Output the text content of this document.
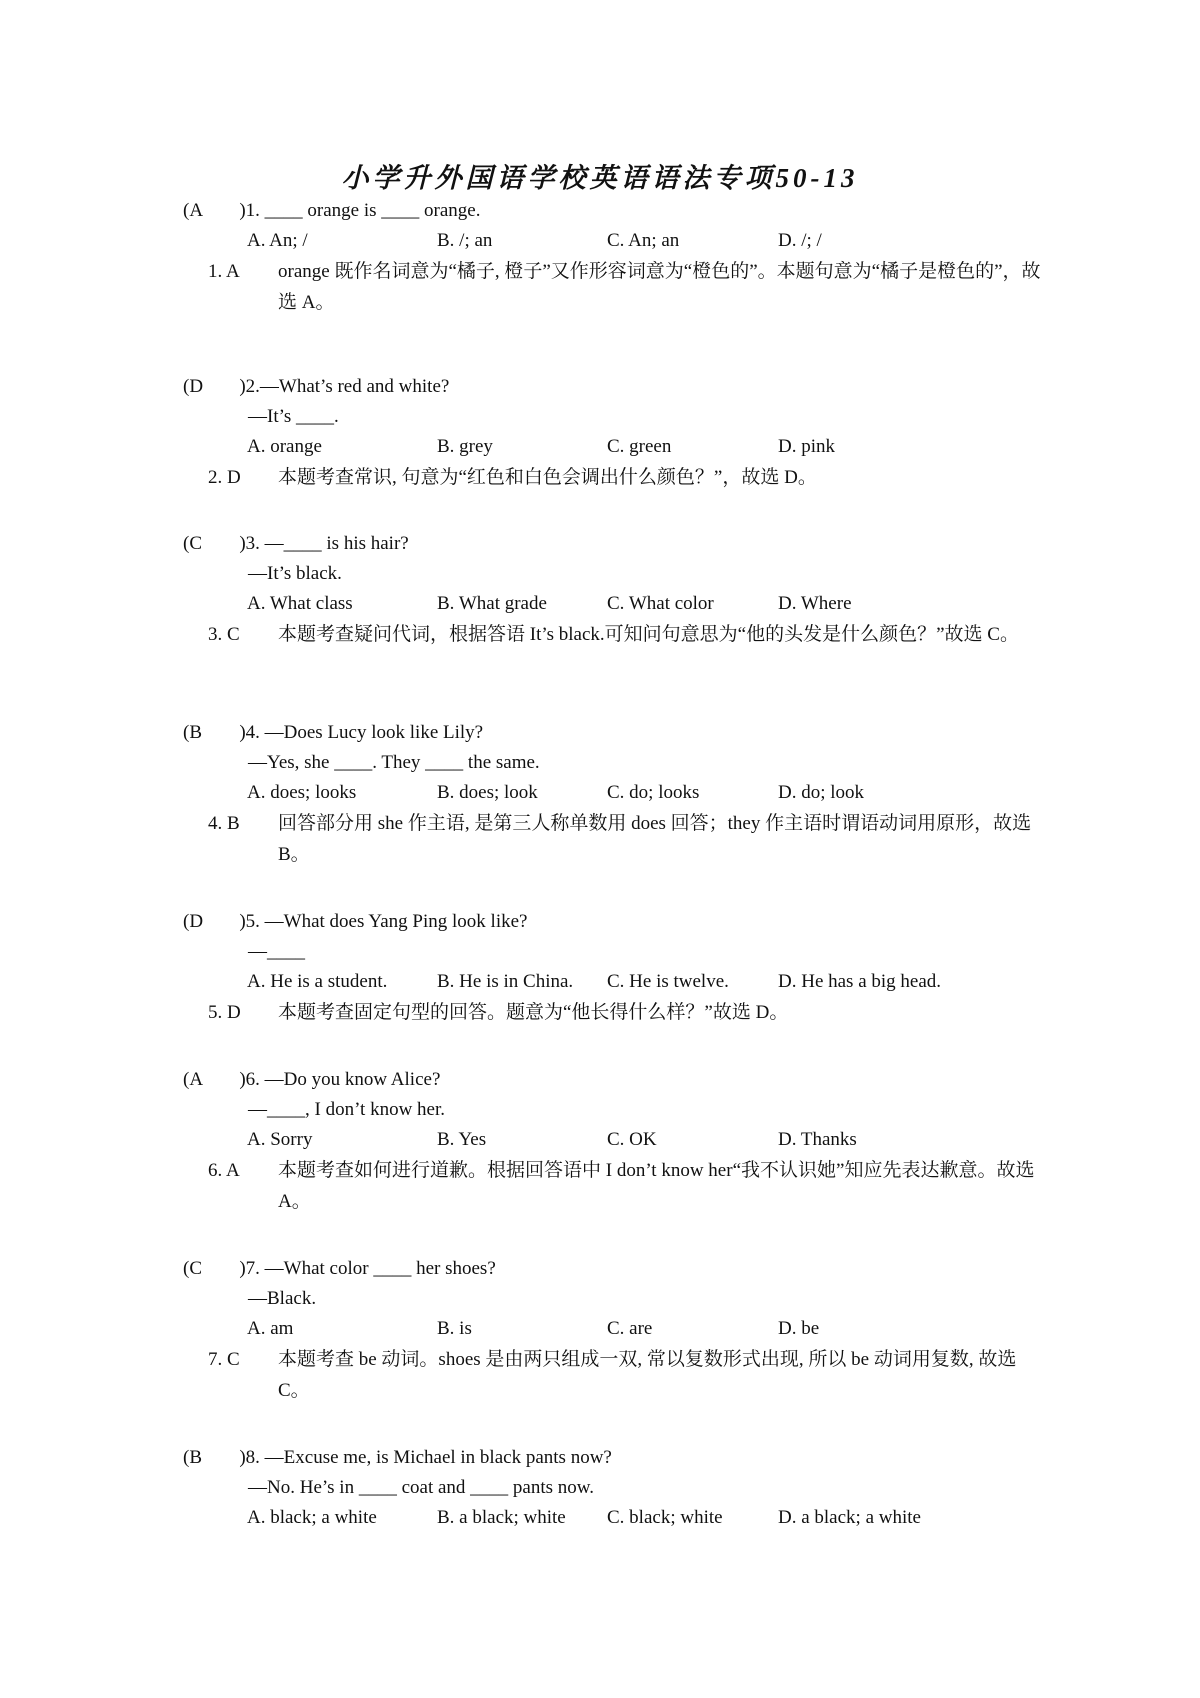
小学升外国语学校英语语法专项50-13
(A )1. ____ orange is ____ orange.
A. An; /	B. /; an	C. An; an	D. /; /
1. A orange 既作名词意为“橘子, 橙子”又作形容词意为“橙色的”。本题句意为“橘子是橙色的”，故选 A。
(D )2.—What’s red and white?
—It’s ____.
A. orange	B. grey	C. green	D. pink
2. D 本题考查常识, 句意为“红色和白色会调出什么颜色？”，故选 D。
(C )3. —____ is his hair?
—It’s black.
A. What class	B. What grade	C. What color	D. Where
3. C 本题考查疑问代词，根据答语 It’s black.可知问句意思为“他的头发是什么颜色？”故选 C。
(B )4. —Does Lucy look like Lily?
—Yes, she ____. They ____ the same.
A. does; looks	B. does; look	C. do; looks	D. do; look
4. B 回答部分用 she 作主语, 是第三人称单数用 does 回答；they 作主语时谓语动词用原形，故选 B。
(D )5. —What does Yang Ping look like?
—____
A. He is a student.	B. He is in China. C. He is twelve.	D. He has a big head.
5. D 本题考查固定句型的回答。题意为“他长得什么样？”故选 D。
(A )6. —Do you know Alice?
—____, I don’t know her.
A. Sorry	B. Yes	C. OK	D. Thanks
6. A 本题考查如何进行道歉。根据回答语中 I don’t know her“我不认识她”知应先表达歉意。故选 A。
(C )7. —What color ____ her shoes?
—Black.
A. am	B. is	C. are	D. be
7. C 本题考查 be 动词。shoes 是由两只组成一双, 常以复数形式出现, 所以 be 动词用复数, 故选 C。
(B )8. —Excuse me, is Michael in black pants now?
—No. He’s in ____ coat and ____ pants now.
A. black; a white	B. a black; white C. black; white	D. a black; a white
